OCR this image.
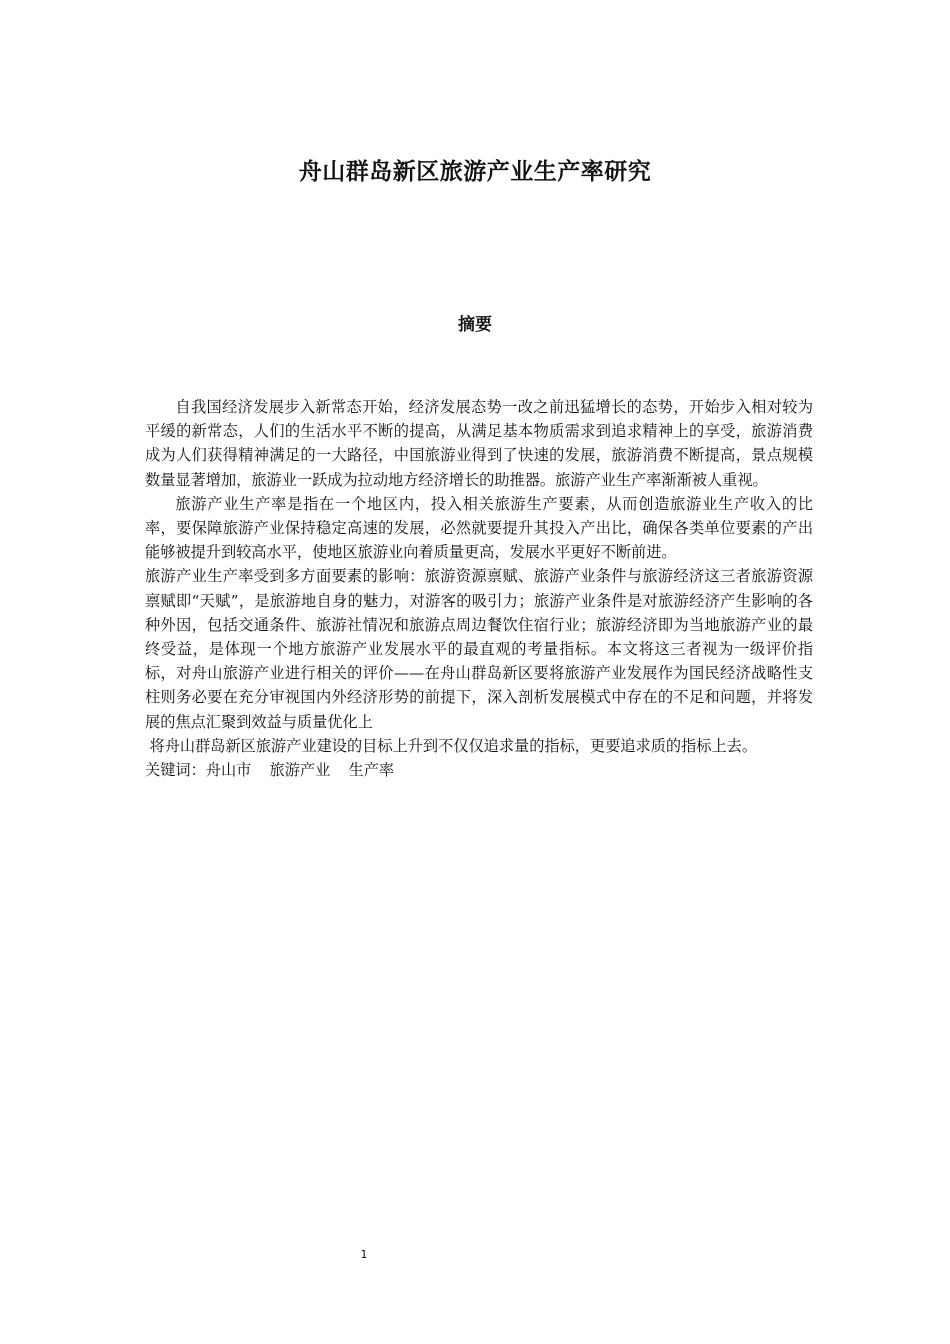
舟山群岛新区旅游产业生产率研究
摘要

自我国经济发展步入新常态开始，经济发展态势一改之前迅猛增长的态势，开始步入相对较为平缓的新常态，人们的生活水平不断的提高，从满足基本物质需求到追求精神上的享受，旅游消费成为人们获得精神满足的一大路径，中国旅游业得到了快速的发展，旅游消费不断提高，景点规模数量显著增加，旅游业一跃成为拉动地方经济增长的助推器。旅游产业生产率渐渐被人重视。

旅游产业生产率是指在一个地区内，投入相关旅游生产要素，从而创造旅游业生产收入的比率，要保障旅游产业保持稳定高速的发展，必然就要提升其投入产出比，确保各类单位要素的产出能够被提升到较高水平，使地区旅游业向着质量更高，发展水平更好不断前进。

旅游产业生产率受到多方面要素的影响：旅游资源禀赋、旅游产业条件与旅游经济这三者旅游资源禀赋即“天赋”，是旅游地自身的魅力，对游客的吸引力；旅游产业条件是对旅游经济产生影响的各种外因，包括交通条件、旅游社情况和旅游点周边餐饮住宿行业；旅游经济即为当地旅游产业的最终受益，是体现一个地方旅游产业发展水平的最直观的考量指标。本文将这三者视为一级评价指标，对舟山旅游产业进行相关的评价——在舟山群岛新区要将旅游产业发展作为国民经济战略性支柱则务必要在充分审视国内外经济形势的前提下，深入剖析发展模式中存在的不足和问题，并将发展的焦点汇聚到效益与质量优化上

将舟山群岛新区旅游产业建设的目标上升到不仅仅追求量的指标，更要追求质的指标上去。

关键词：舟山市 旅游产业 生产率

1
